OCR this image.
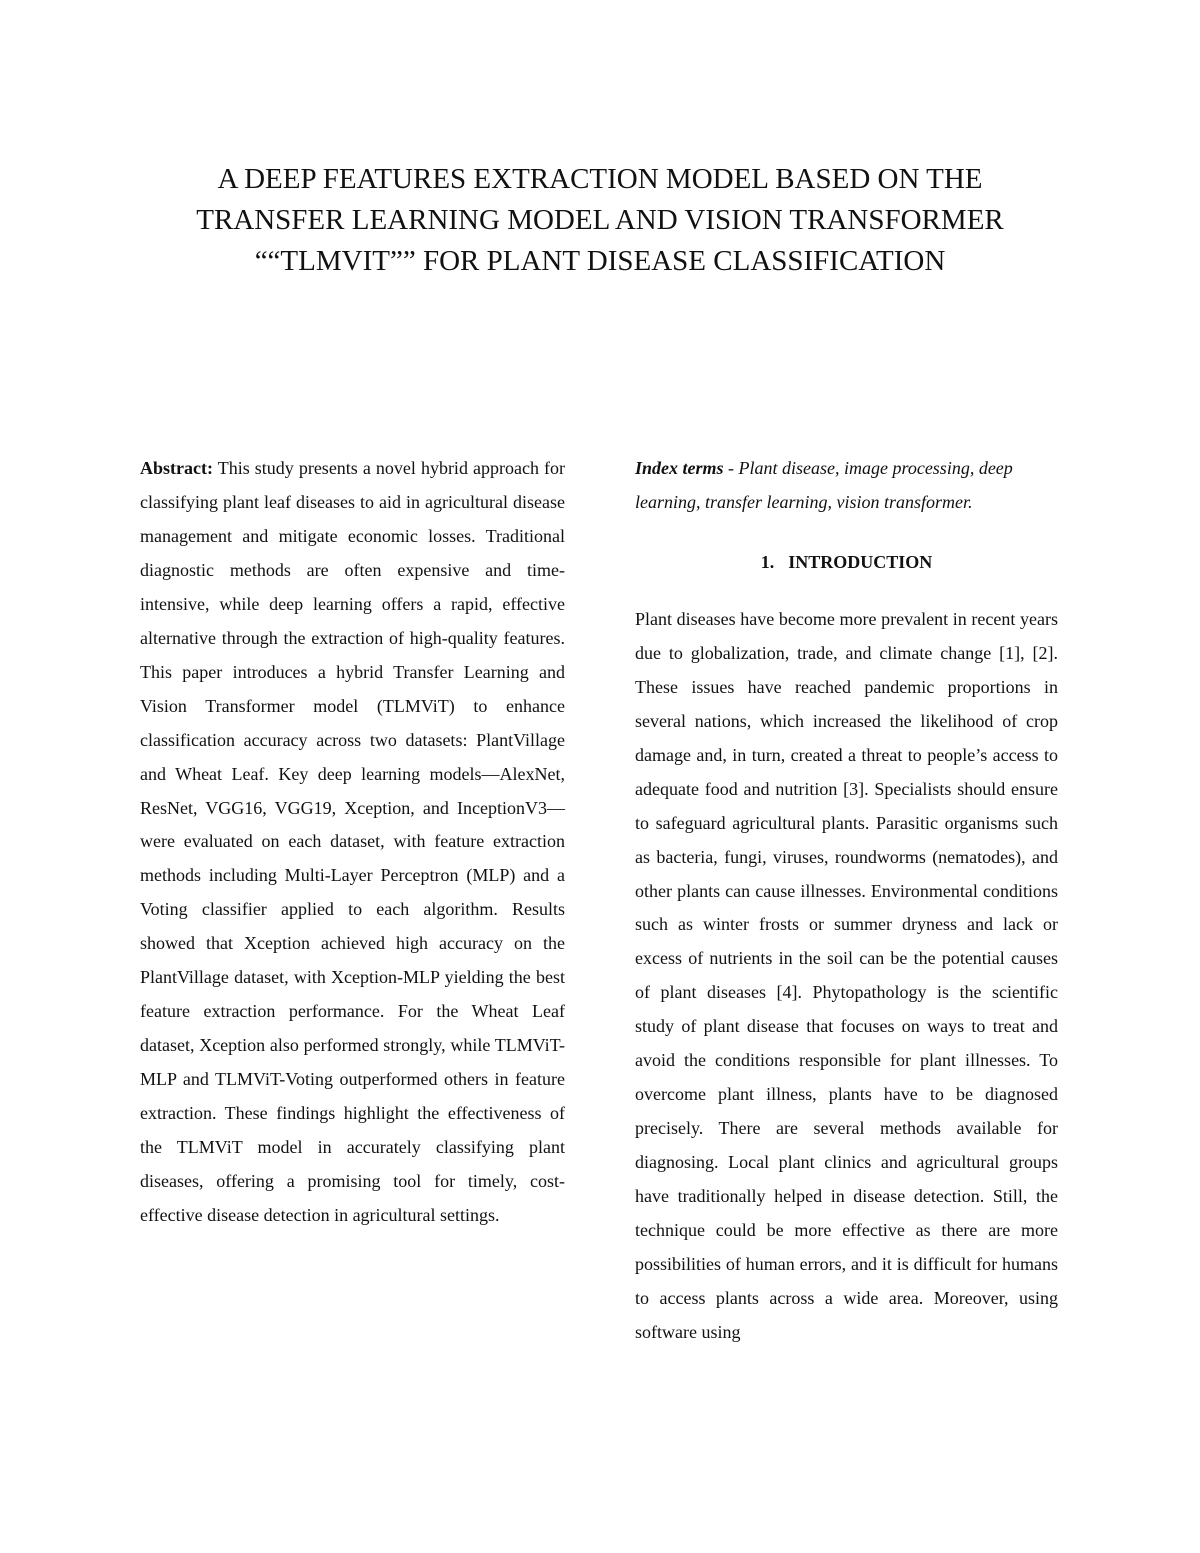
A DEEP FEATURES EXTRACTION MODEL BASED ON THE
TRANSFER LEARNING MODEL AND VISION TRANSFORMER
““TLMVIT”” FOR PLANT DISEASE CLASSIFICATION

Abstract: This study presents a novel hybrid approach for classifying plant leaf diseases to aid in agricultural disease management and mitigate economic losses. Traditional diagnostic methods are often expensive and time-intensive, while deep learning offers a rapid, effective alternative through the extraction of high-quality features. This paper introduces a hybrid Transfer Learning and Vision Transformer model (TLMViT) to enhance classification accuracy across two datasets: PlantVillage and Wheat Leaf. Key deep learning models—AlexNet, ResNet, VGG16, VGG19, Xception, and InceptionV3—were evaluated on each dataset, with feature extraction methods including Multi-Layer Perceptron (MLP) and a Voting classifier applied to each algorithm. Results showed that Xception achieved high accuracy on the PlantVillage dataset, with Xception-MLP yielding the best feature extraction performance. For the Wheat Leaf dataset, Xception also performed strongly, while TLMViT-MLP and TLMViT-Voting outperformed others in feature extraction. These findings highlight the effectiveness of the TLMViT model in accurately classifying plant diseases, offering a promising tool for timely, cost-effective disease detection in agricultural settings.

Index terms - Plant disease, image processing, deep learning, transfer learning, vision transformer.

1. INTRODUCTION

Plant diseases have become more prevalent in recent years due to globalization, trade, and climate change [1], [2]. These issues have reached pandemic proportions in several nations, which increased the likelihood of crop damage and, in turn, created a threat to people’s access to adequate food and nutrition [3]. Specialists should ensure to safeguard agricultural plants. Parasitic organisms such as bacteria, fungi, viruses, roundworms (nematodes), and other plants can cause illnesses. Environmental conditions such as winter frosts or summer dryness and lack or excess of nutrients in the soil can be the potential causes of plant diseases [4]. Phytopathology is the scientific study of plant disease that focuses on ways to treat and avoid the conditions responsible for plant illnesses. To overcome plant illness, plants have to be diagnosed precisely. There are several methods available for diagnosing. Local plant clinics and agricultural groups have traditionally helped in disease detection. Still, the technique could be more effective as there are more possibilities of human errors, and it is difficult for humans to access plants across a wide area. Moreover, using software using
